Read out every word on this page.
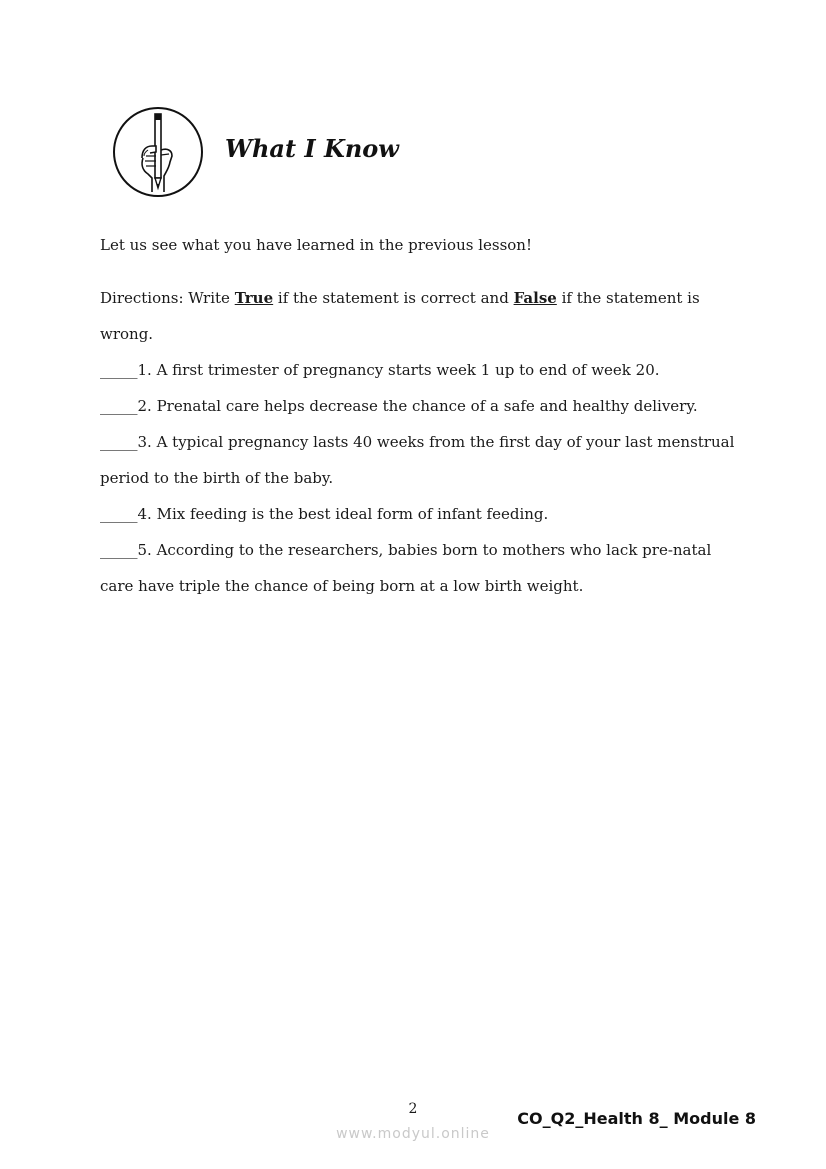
What I Know
Let us see what you have learned in the previous lesson!
Directions: Write True if the statement is correct and False if the statement is
wrong.
_____1. A first trimester of pregnancy starts week 1 up to end of week 20.
_____2. Prenatal care helps decrease the chance of a safe and healthy delivery.
_____3. A typical pregnancy lasts 40 weeks from the first day of your last menstrual
period to the birth of the baby.
_____4. Mix feeding is the best ideal form of infant feeding.
_____5. According to the researchers, babies born to mothers who lack pre-natal
care have triple the chance of being born at a low birth weight.
2	CO_Q2_Health 8_ Module 8
www.modyul.online
